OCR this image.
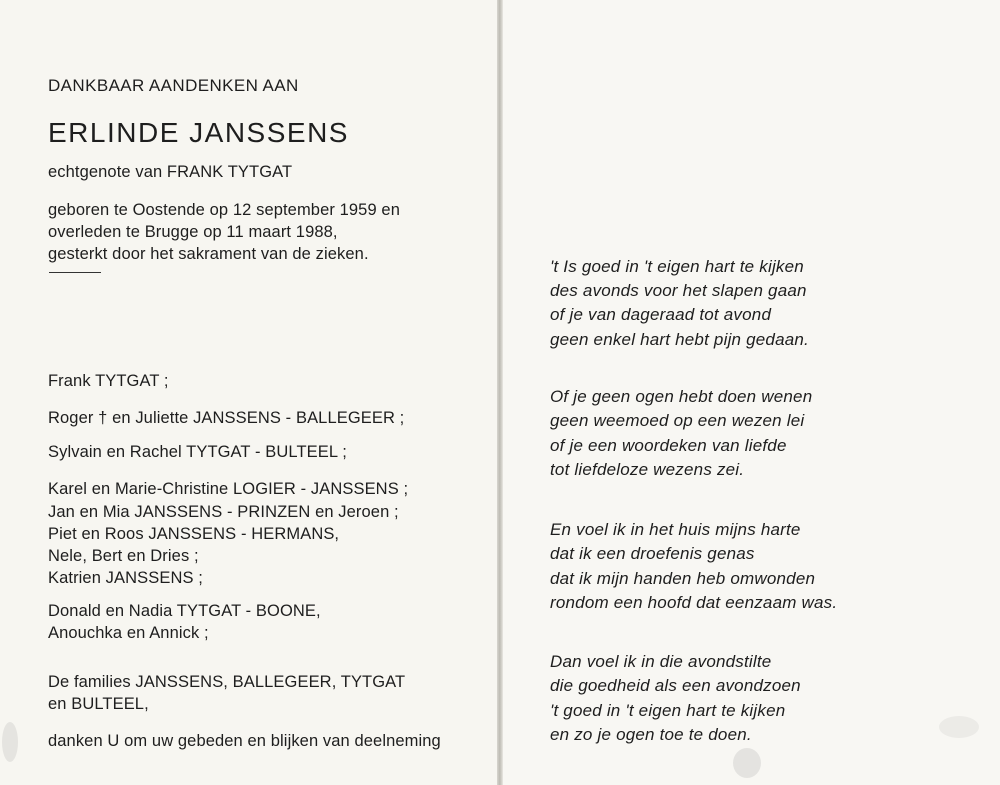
DANKBAAR AANDENKEN AAN
ERLINDE JANSSENS
echtgenote van FRANK TYTGAT
geboren te Oostende op 12 september 1959 en
overleden te Brugge op 11 maart 1988,
gesterkt door het sakrament van de zieken.
Frank TYTGAT ;
Roger † en Juliette JANSSENS - BALLEGEER ;
Sylvain en Rachel TYTGAT - BULTEEL ;
Karel en Marie-Christine LOGIER - JANSSENS ;
Jan en Mia JANSSENS - PRINZEN en Jeroen ;
Piet en Roos JANSSENS - HERMANS,
Nele, Bert en Dries ;
Katrien JANSSENS ;
Donald en Nadia TYTGAT - BOONE,
Anouchka en Annick ;
De families JANSSENS, BALLEGEER, TYTGAT
en BULTEEL,
danken U om uw gebeden en blijken van deelneming
't Is goed in 't eigen hart te kijken
des avonds voor het slapen gaan
of je van dageraad tot avond
geen enkel hart hebt pijn gedaan.
Of je geen ogen hebt doen wenen
geen weemoed op een wezen lei
of je een woordeken van liefde
tot liefdeloze wezens zei.
En voel ik in het huis mijns harte
dat ik een droefenis genas
dat ik mijn handen heb omwonden
rondom een hoofd dat eenzaam was.
Dan voel ik in die avondstilte
die goedheid als een avondzoen
't goed in 't eigen hart te kijken
en zo je ogen toe te doen.
